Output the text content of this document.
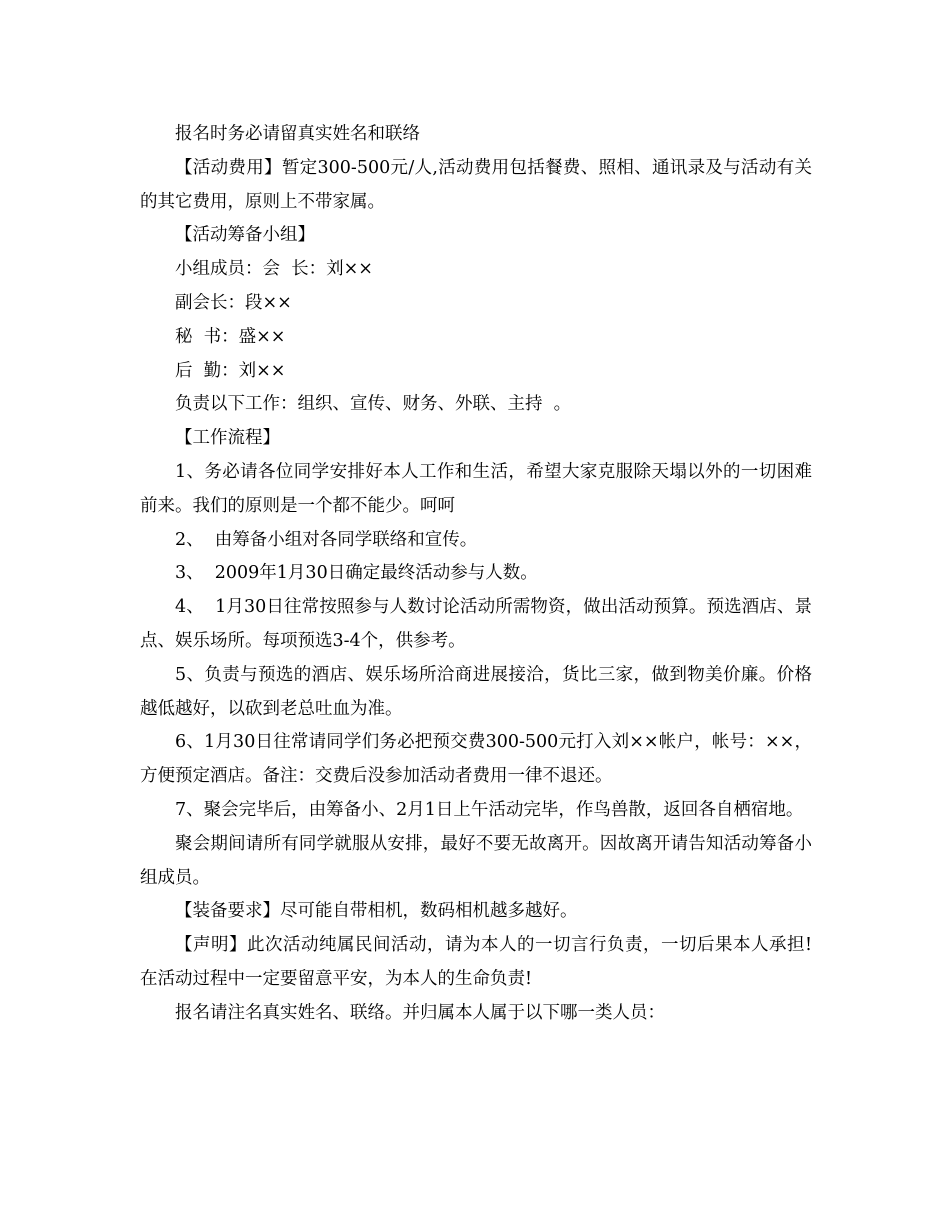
报名时务必请留真实姓名和联络

【活动费用】暂定300-500元/人,活动费用包括餐费、照相、通讯录及与活动有关的其它费用，原则上不带家属。

【活动筹备小组】

小组成员：会  长：刘××

副会长：段××

秘  书：盛××

后  勤：刘××

负责以下工作：组织、宣传、财务、外联、主持  。

【工作流程】

1、务必请各位同学安排好本人工作和生活，希望大家克服除天塌以外的一切困难前来。我们的原则是一个都不能少。呵呵

2、  由筹备小组对各同学联络和宣传。

3、  2009年1月30日确定最终活动参与人数。

4、  1月30日往常按照参与人数讨论活动所需物资，做出活动预算。预选酒店、景点、娱乐场所。每项预选3-4个，供参考。

5、负责与预选的酒店、娱乐场所洽商进展接洽，货比三家，做到物美价廉。价格越低越好，以砍到老总吐血为准。

6、1月30日往常请同学们务必把预交费300-500元打入刘××帐户，帐号：××，方便预定酒店。备注：交费后没参加活动者费用一律不退还。

7、聚会完毕后，由筹备小、2月1日上午活动完毕，作鸟兽散，返回各自栖宿地。

聚会期间请所有同学就服从安排，最好不要无故离开。因故离开请告知活动筹备小组成员。

【装备要求】尽可能自带相机，数码相机越多越好。

【声明】此次活动纯属民间活动，请为本人的一切言行负责，一切后果本人承担!在活动过程中一定要留意平安，为本人的生命负责!

报名请注名真实姓名、联络。并归属本人属于以下哪一类人员：
